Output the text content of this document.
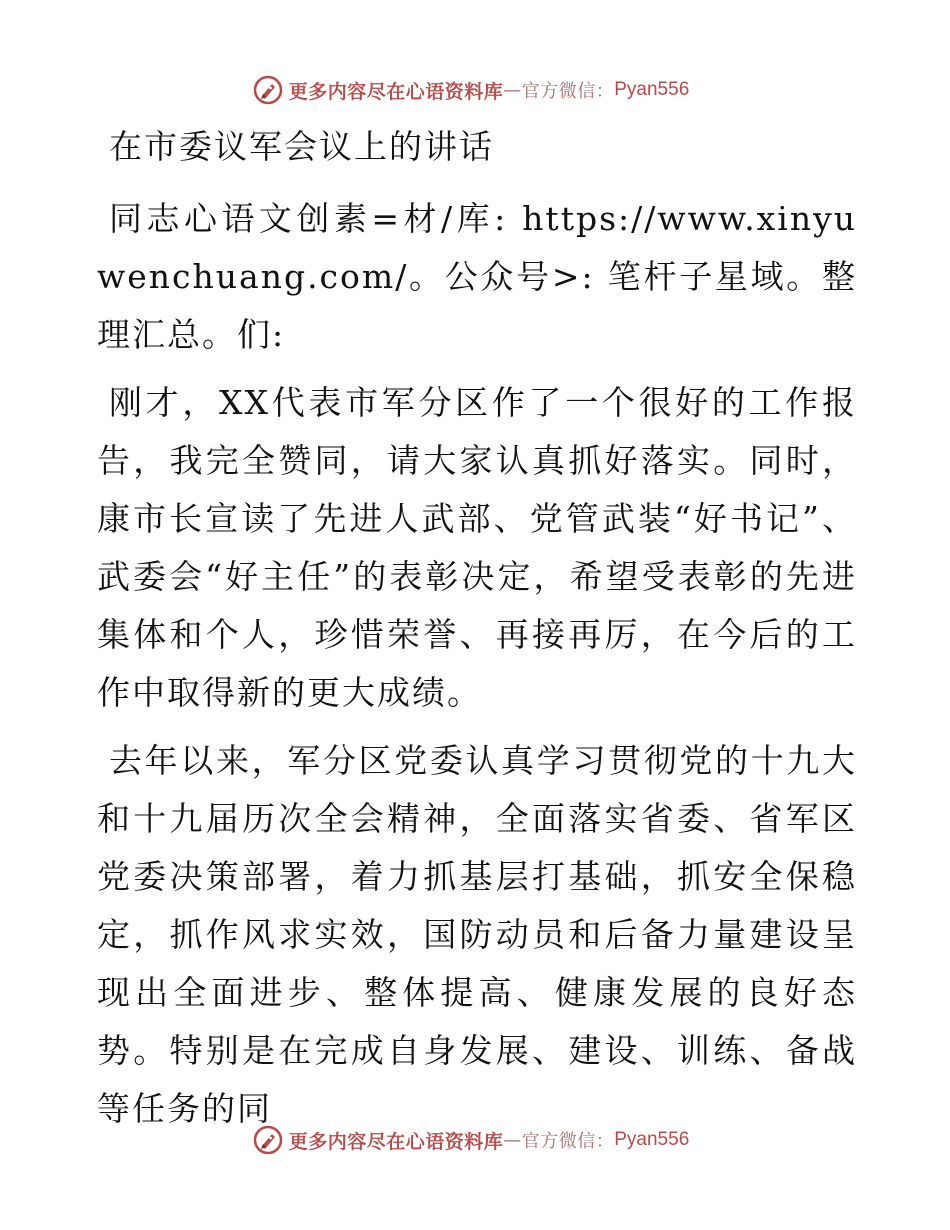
更多内容尽在心语资料库 — 官方微信： Pyan556

在市委议军会议上的讲话

同志心语文创素=材/库: https://www.xinyuwenchuang.com/。公众号>: 笔杆子星域。整理汇总。们:

刚才，XX代表市军分区作了一个很好的工作报告，我完全赞同，请大家认真抓好落实。同时，康市长宣读了先进人武部、党管武装“好书记”、武委会“好主任”的表彰决定，希望受表彰的先进集体和个人，珍惜荣誉、再接再厉，在今后的工作中取得新的更大成绩。

去年以来，军分区党委认真学习贯彻党的十九大和十九届历次全会精神，全面落实省委、省军区党委决策部署，着力抓基层打基础，抓安全保稳定，抓作风求实效，国防动员和后备力量建设呈现出全面进步、整体提高、健康发展的良好态势。特别是在完成自身发展、建设、训练、备战等任务的同

更多内容尽在心语资料库 — 官方微信： Pyan556
